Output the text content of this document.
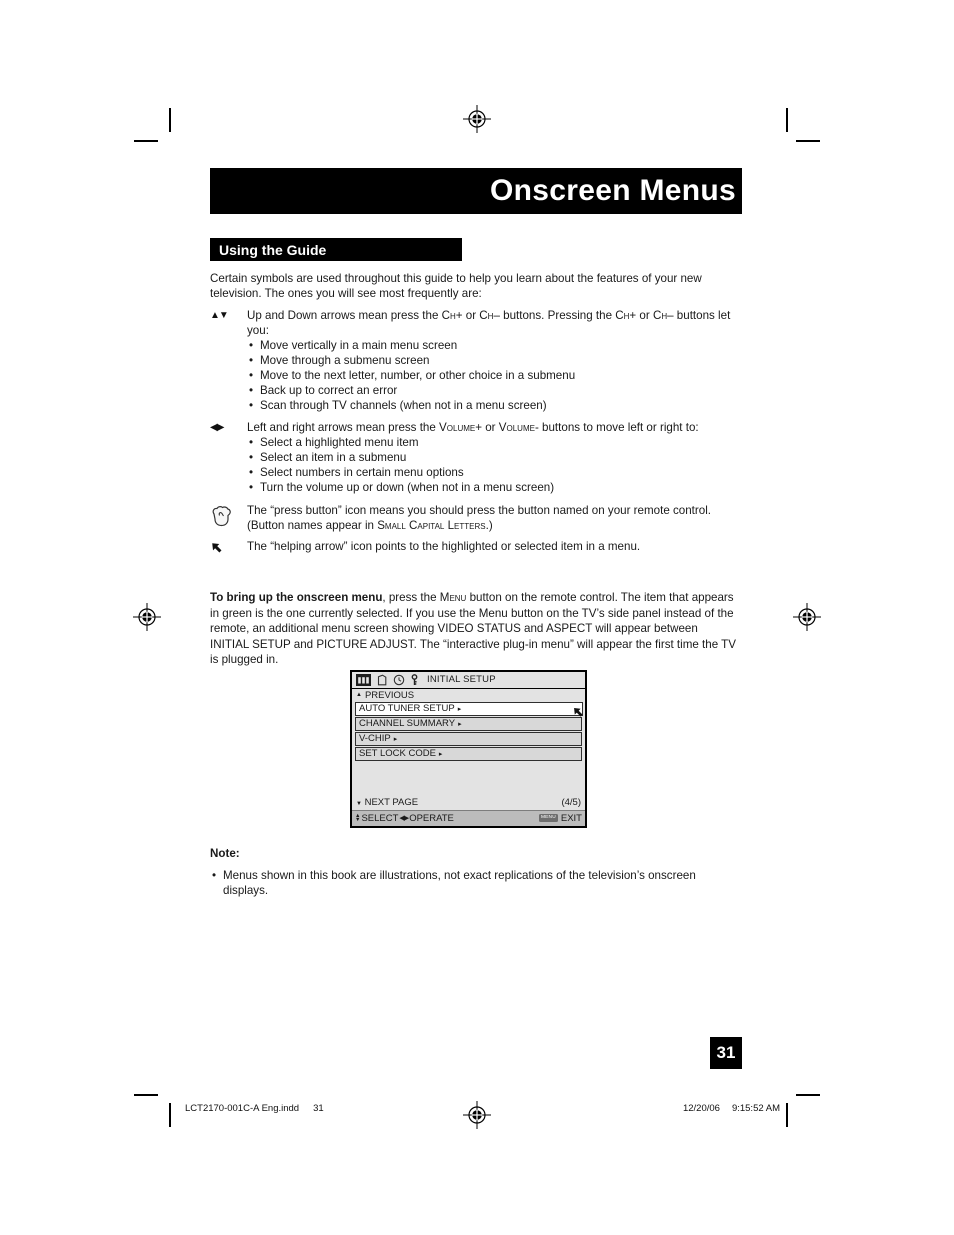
Onscreen Menus
Using the Guide

Certain symbols are used throughout this guide to help you learn about the features of your new television. The ones you will see most frequently are:

▲▼	Up and Down arrows mean press the Ch+ or Ch– buttons. Pressing the Ch+ or Ch– buttons let you:

• Move vertically in a main menu screen
• Move through a submenu screen
• Move to the next letter, number, or other choice in a submenu
• Back up to correct an error
• Scan through TV channels (when not in a menu screen)
◀▶	Left and right arrows mean press the Volume+ or Volume- buttons to move left or right to:

• Select a highlighted menu item
• Select an item in a submenu
• Select numbers in certain menu options
• Turn the volume up or down (when not in a menu screen)

The “press button” icon means you should press the button named on your remote control. (Button names appear in Small Capital Letters.)

The “helping arrow” icon points to the highlighted or selected item in a menu.

To bring up the onscreen menu, press the Menu button on the remote control. The item that appears in green is the one currently selected. If you use the Menu button on the TV’s side panel instead of the remote, an additional menu screen showing VIDEO STATUS and ASPECT will appear between INITIAL SETUP and PICTURE ADJUST. The “interactive plug-in menu” will appear the first time the TV is plugged in.

INITIAL SETUP
▲ PREVIOUS
AUTO TUNER SETUP ▸
CHANNEL SUMMARY ▸
V-CHIP ▸
SET LOCK CODE ▸
▼ NEXT PAGE	(4/5)
▲
▼ SELECT ◀▶ OPERATE	MENU EXIT
Note:
• Menus shown in this book are illustrations, not exact replications of the television’s onscreen displays.
31
LCT2170-001C-A Eng.indd 31	12/20/06 9:15:52 AM
